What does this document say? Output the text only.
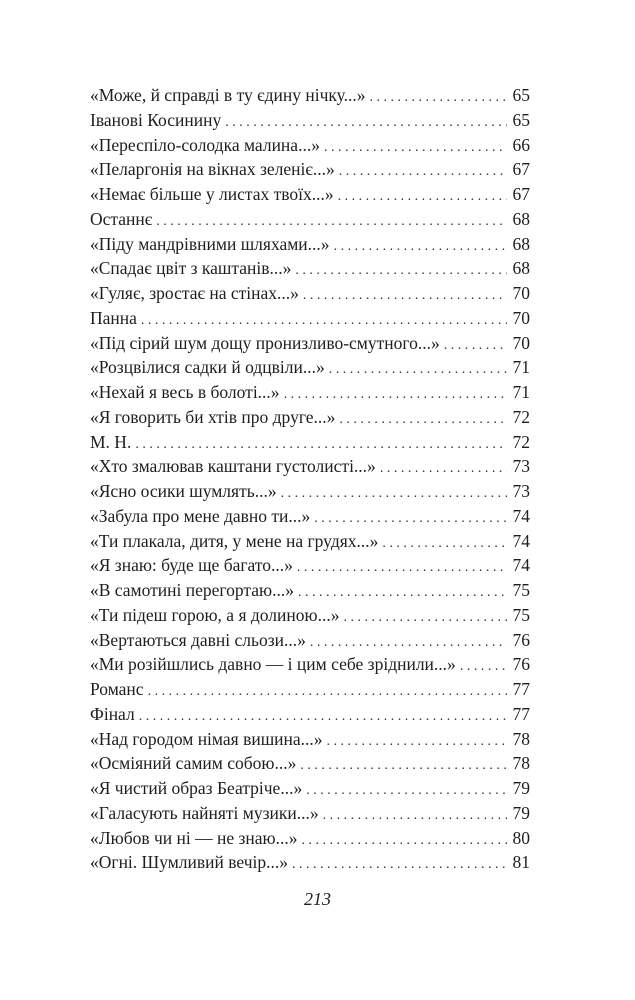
«Може, й справді в ту єдину нічку...» . . .	65
Івановi Косинину . . .	65
«Переспіло-солодка малина...» . . .	66
«Пеларгонія на вікнах зеленіє...» . . .	67
«Немає більше у листах твоїх...» . . .	67
Останнє . . .	68
«Піду мандрівними шляхами...» . . .	68
«Спадає цвіт з каштанів...» . . .	68
«Гуляє, зростає на стінах...» . . .	70
Панна . . .	70
«Під сірий шум дощу пронизливо-смутного...» . . .	70
«Розцвілися садки й одцвіли...» . . .	71
«Нехай я весь в болоті...» . . .	71
«Я говорить би хтів про друге...» . . .	72
М. Н. . . .	72
«Хто змалював каштани густолисті...» . . .	73
«Ясно осики шумлять...» . . .	73
«Забула про мене давно ти...» . . .	74
«Ти плакала, дитя, у мене на грудях...» . . .	74
«Я знаю: буде ще багато...» . . .	74
«В самотині перегортаю...» . . .	75
«Ти підеш горою, а я долиною...» . . .	75
«Вертаються давні сльози...» . . .	76
«Ми розійшлись давно — і цим себе зріднили...» . . .	76
Романс . . .	77
Фінал . . .	77
«Над городом німая вишина...» . . .	78
«Осміяний самим собою...» . . .	78
«Я чистий образ Беатріче...» . . .	79
«Галасують найняті музики...» . . .	79
«Любов чи ні — не знаю...» . . .	80
«Огні. Шумливий вечір...» . . .	81
213
